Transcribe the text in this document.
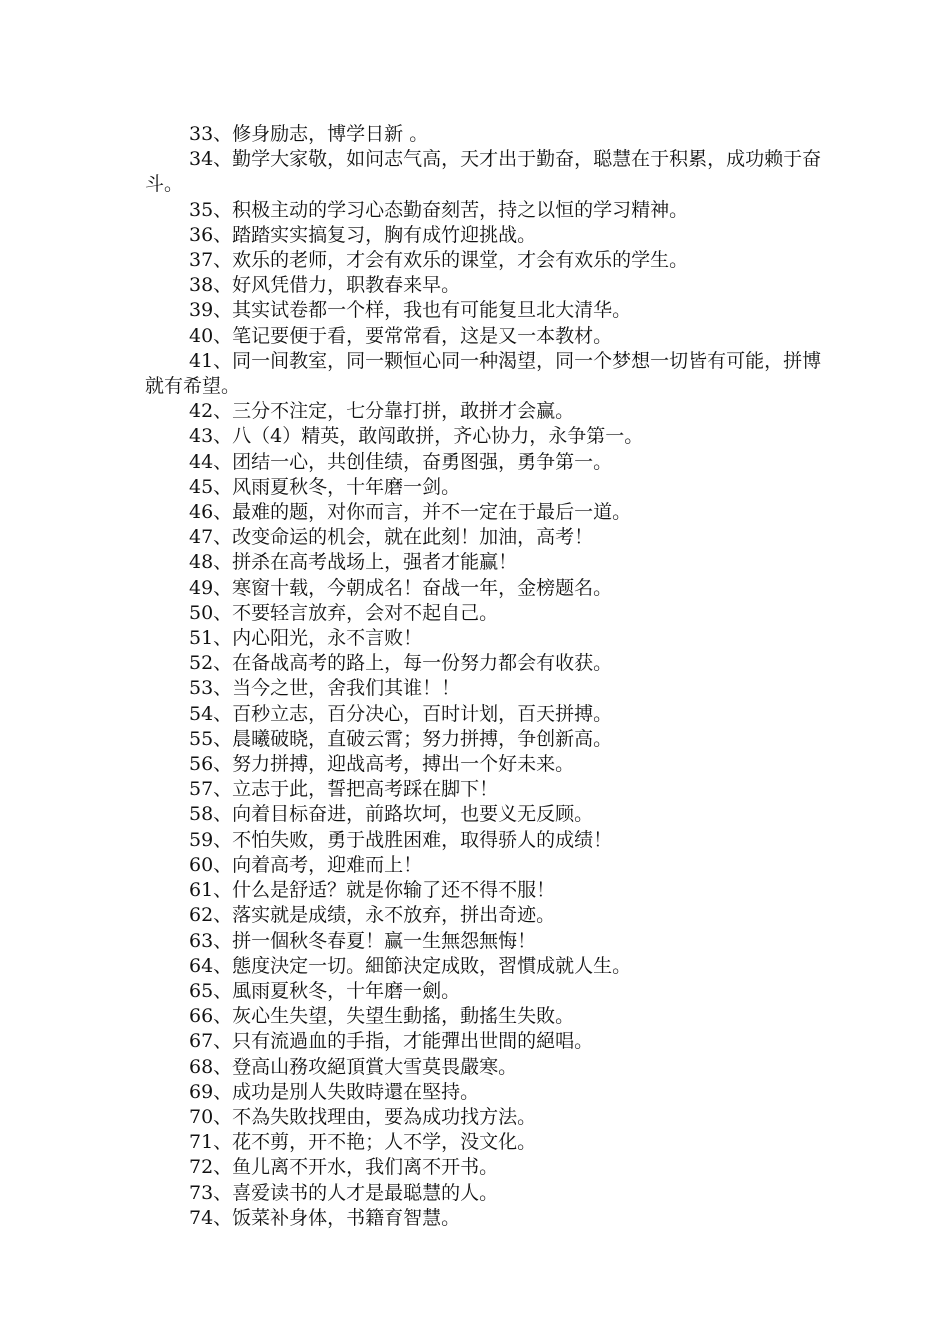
33、修身励志，博学日新 。

34、勤学大家敬，如问志气高，天才出于勤奋，聪慧在于积累，成功赖于奋斗。

35、积极主动的学习心态勤奋刻苦，持之以恒的学习精神。

36、踏踏实实搞复习，胸有成竹迎挑战。

37、欢乐的老师，才会有欢乐的课堂，才会有欢乐的学生。

38、好风凭借力，职教春来早。

39、其实试卷都一个样，我也有可能复旦北大清华。

40、笔记要便于看，要常常看，这是又一本教材。

41、同一间教室，同一颗恒心同一种渴望，同一个梦想一切皆有可能，拼博就有希望。

42、三分不注定，七分靠打拼，敢拼才会赢。

43、八（4）精英，敢闯敢拼，齐心协力，永争第一。

44、团结一心，共创佳绩，奋勇图强，勇争第一。

45、风雨夏秋冬，十年磨一剑。

46、最难的题，对你而言，并不一定在于最后一道。

47、改变命运的机会，就在此刻！加油，高考！

48、拼杀在高考战场上，强者才能赢！

49、寒窗十载，今朝成名！奋战一年，金榜题名。

50、不要轻言放弃，会对不起自己。

51、内心阳光，永不言败！

52、在备战高考的路上，每一份努力都会有收获。

53、当今之世，舍我们其谁！！

54、百秒立志，百分决心，百时计划，百天拼搏。

55、晨曦破晓，直破云霄；努力拼搏，争创新高。

56、努力拼搏，迎战高考，搏出一个好未来。

57、立志于此，誓把高考踩在脚下！

58、向着目标奋进，前路坎坷，也要义无反顾。

59、不怕失败，勇于战胜困难，取得骄人的成绩！

60、向着高考，迎难而上！

61、什么是舒适？就是你输了还不得不服！

62、落实就是成绩，永不放弃，拼出奇迹。

63、拼一個秋冬春夏！赢一生無怨無悔！

64、態度決定一切。細節決定成敗，習慣成就人生。

65、風雨夏秋冬，十年磨一劍。

66、灰心生失望，失望生動搖，動搖生失敗。

67、只有流過血的手指，才能彈出世間的絕唱。

68、登高山務攻絕頂賞大雪莫畏嚴寒。

69、成功是別人失敗時還在堅持。

70、不為失敗找理由，要為成功找方法。

71、花不剪，开不艳；人不学，没文化。

72、鱼儿离不开水，我们离不开书。

73、喜爱读书的人才是最聪慧的人。

74、饭菜补身体，书籍育智慧。
